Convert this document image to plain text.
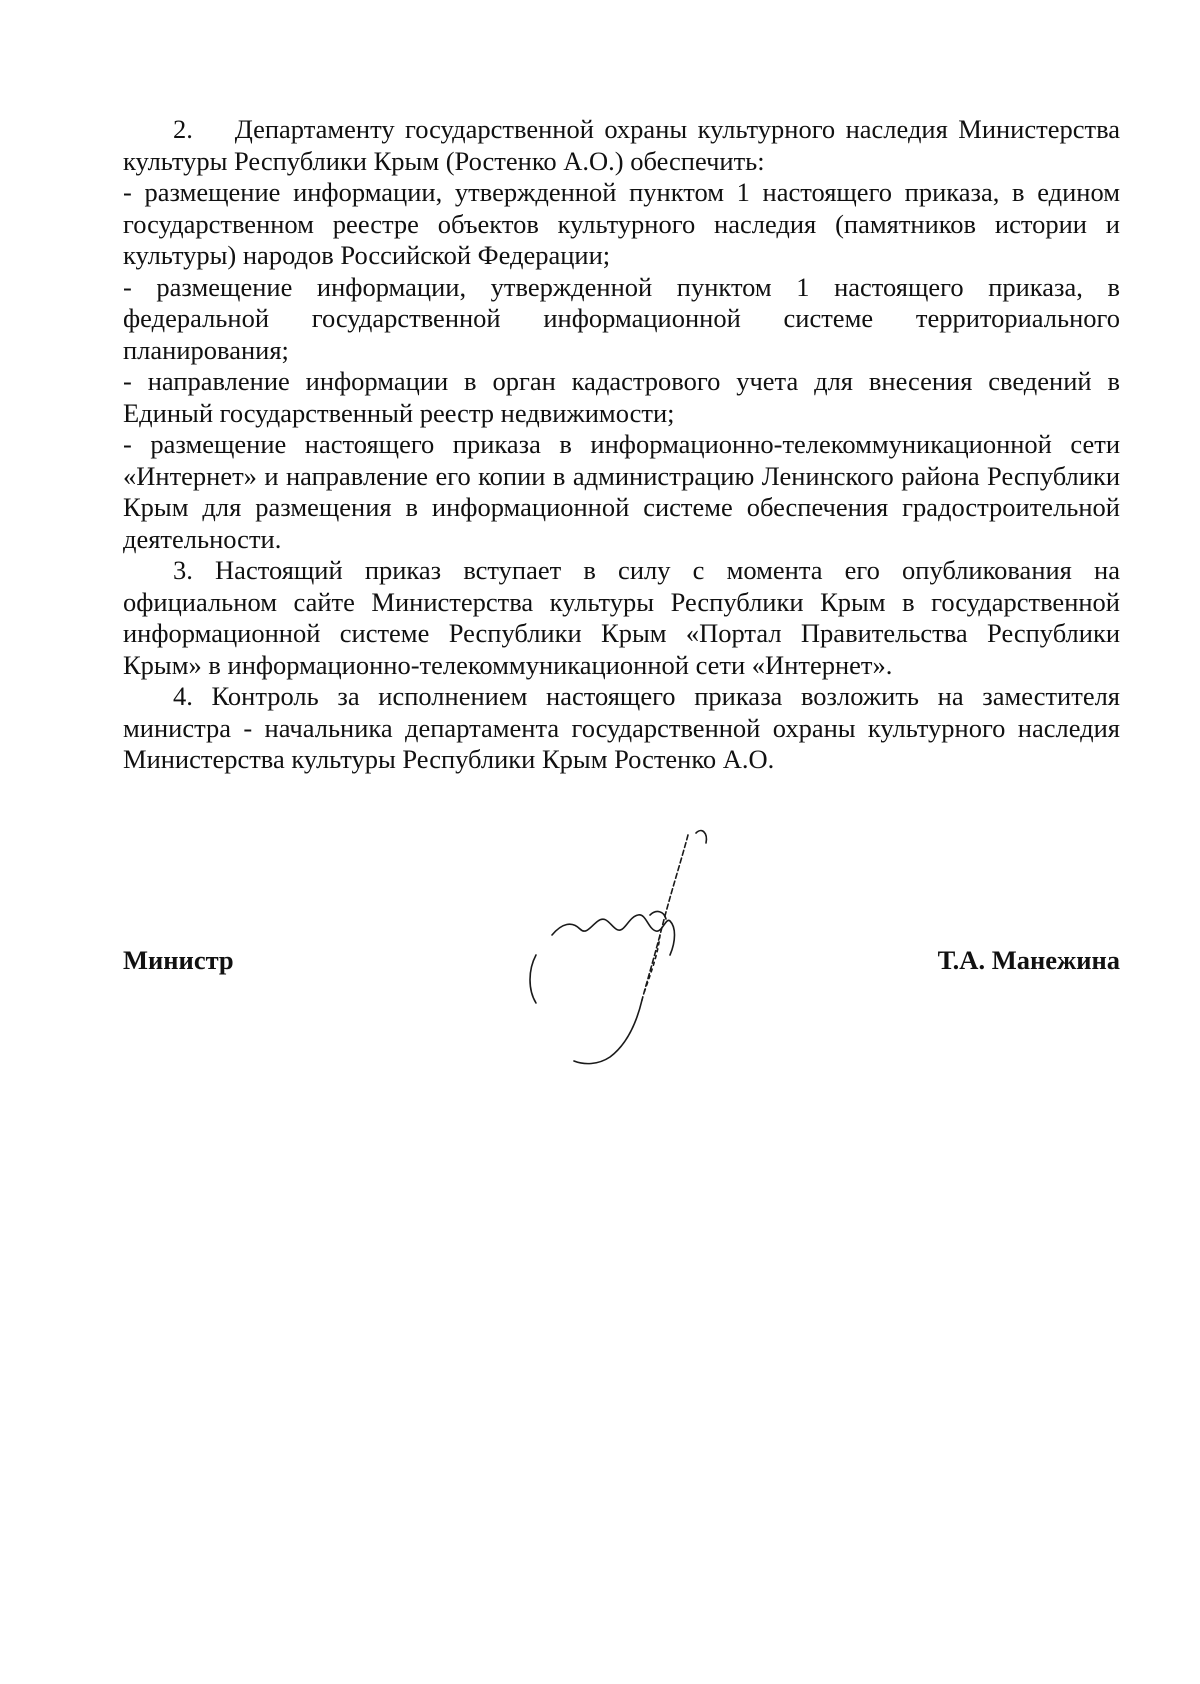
2.    Департаменту государственной охраны культурного наследия Министерства культуры Республики Крым (Ростенко А.О.) обеспечить:

- размещение информации, утвержденной пунктом 1 настоящего приказа, в едином государственном реестре объектов культурного наследия (памятников истории и культуры) народов Российской Федерации;

- размещение информации, утвержденной пунктом 1 настоящего приказа, в федеральной государственной информационной системе территориального планирования;

- направление информации в орган кадастрового учета для внесения сведений в Единый государственный реестр недвижимости;

- размещение настоящего приказа в информационно-телекоммуникационной сети «Интернет» и направление его копии в администрацию Ленинского района Республики Крым для размещения в информационной системе обеспечения градостроительной деятельности.

3. Настоящий приказ вступает в силу с момента его опубликования на официальном сайте Министерства культуры Республики Крым в государственной информационной системе Республики Крым «Портал Правительства Республики Крым» в информационно-телекоммуникационной сети «Интернет».

4. Контроль за исполнением настоящего приказа возложить на заместителя министра - начальника департамента государственной охраны культурного наследия Министерства культуры Республики Крым Ростенко А.О.

Министр	Т.А. Манежина
